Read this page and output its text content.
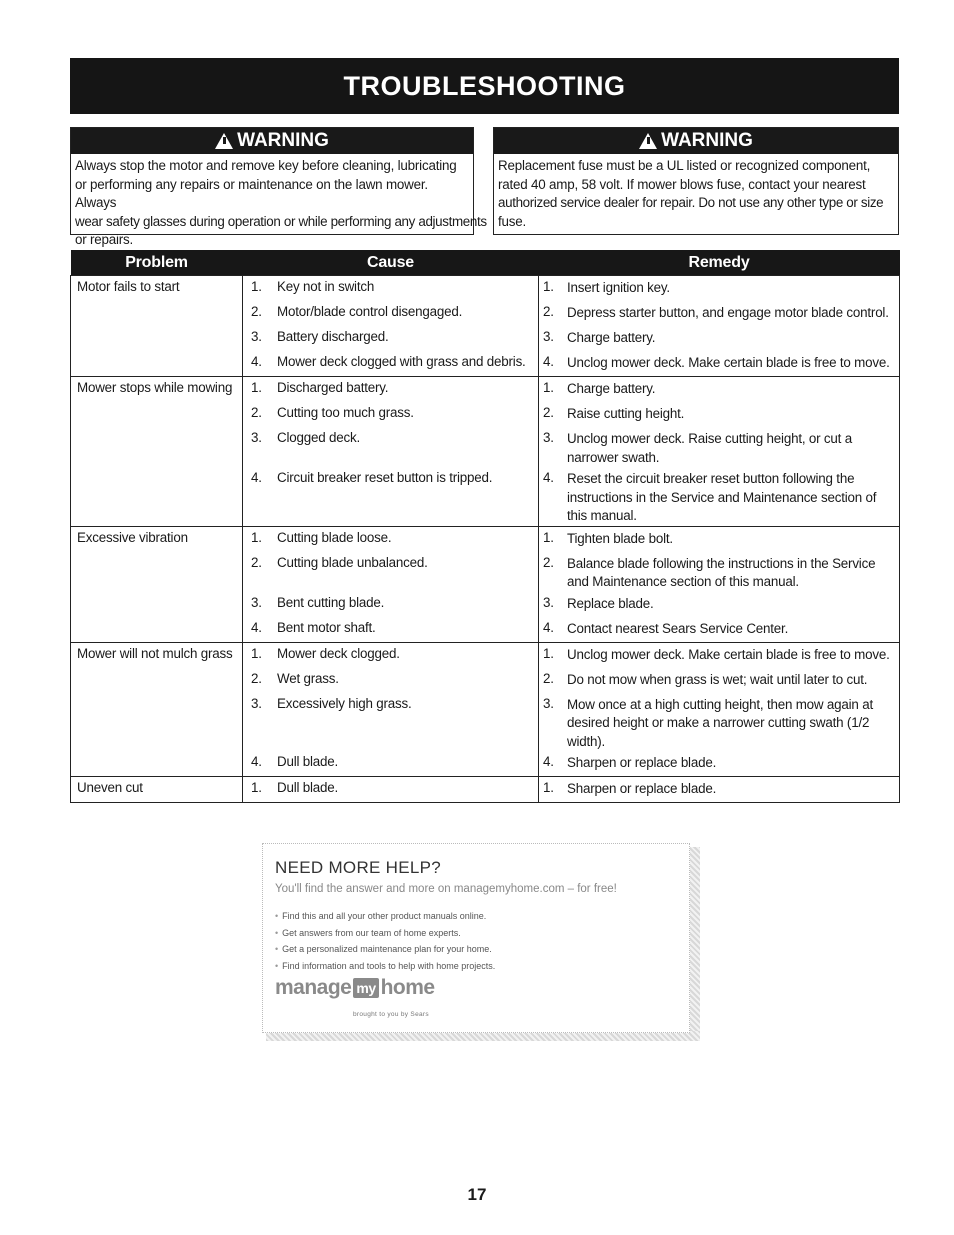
TROUBLESHOOTING
WARNING
Always stop the motor and remove key before cleaning, lubricating
or performing any repairs or maintenance on the lawn mower. Always
wear safety glasses during operation or while performing any adjustments
or repairs.
WARNING
Replacement fuse must be a UL listed or recognized component,
rated 40 amp, 58 volt. If mower blows fuse, contact your nearest
authorized service dealer for repair. Do not use any other type or size
fuse.
Problem	Cause		Remedy	
Motor fails to start	1.	Key not in switch	1.	Insert ignition key.
	2.	Motor/blade control disengaged.	2.	Depress starter button, and engage motor blade control.
	3.	Battery discharged.	3.	Charge battery.
	4.	Mower deck clogged with grass and debris.	4.	Unclog mower deck. Make certain blade is free to move.
Mower stops while mowing	1.	Discharged battery.	1.	Charge battery.
	2.	Cutting too much grass.	2.	Raise cutting height.
	3.	Clogged deck.	3.	Unclog mower deck. Raise cutting height, or cut a narrower swath.
	4.	Circuit breaker reset button is tripped.	4.	Reset the circuit breaker reset button following the instructions in the Service and Maintenance section of this manual.
Excessive vibration	1.	Cutting blade loose.	1.	Tighten blade bolt.
	2.	Cutting blade unbalanced.	2.	Balance blade following the instructions in the Service and Maintenance section of this manual.
	3.	Bent cutting blade.	3.	Replace blade.
	4.	Bent motor shaft.	4.	Contact nearest Sears Service Center.
Mower will not mulch grass	1.	Mower deck clogged.	1.	Unclog mower deck. Make certain blade is free to move.
	2.	Wet grass.	2.	Do not mow when grass is wet; wait until later to cut.
	3.	Excessively high grass.	3.	Mow once at a high cutting height, then mow again at desired height or make a narrower cutting swath (1/2 width).
	4.	Dull blade.	4.	Sharpen or replace blade.
Uneven cut	1.	Dull blade.	1.	Sharpen or replace blade.
NEED MORE HELP?
You'll find the answer and more on managemyhome.com – for free!
• Find this and all your other product manuals online.
• Get answers from our team of home experts.
• Get a personalized maintenance plan for your home.
• Find information and tools to help with home projects.
manage my home
brought to you by Sears
17
